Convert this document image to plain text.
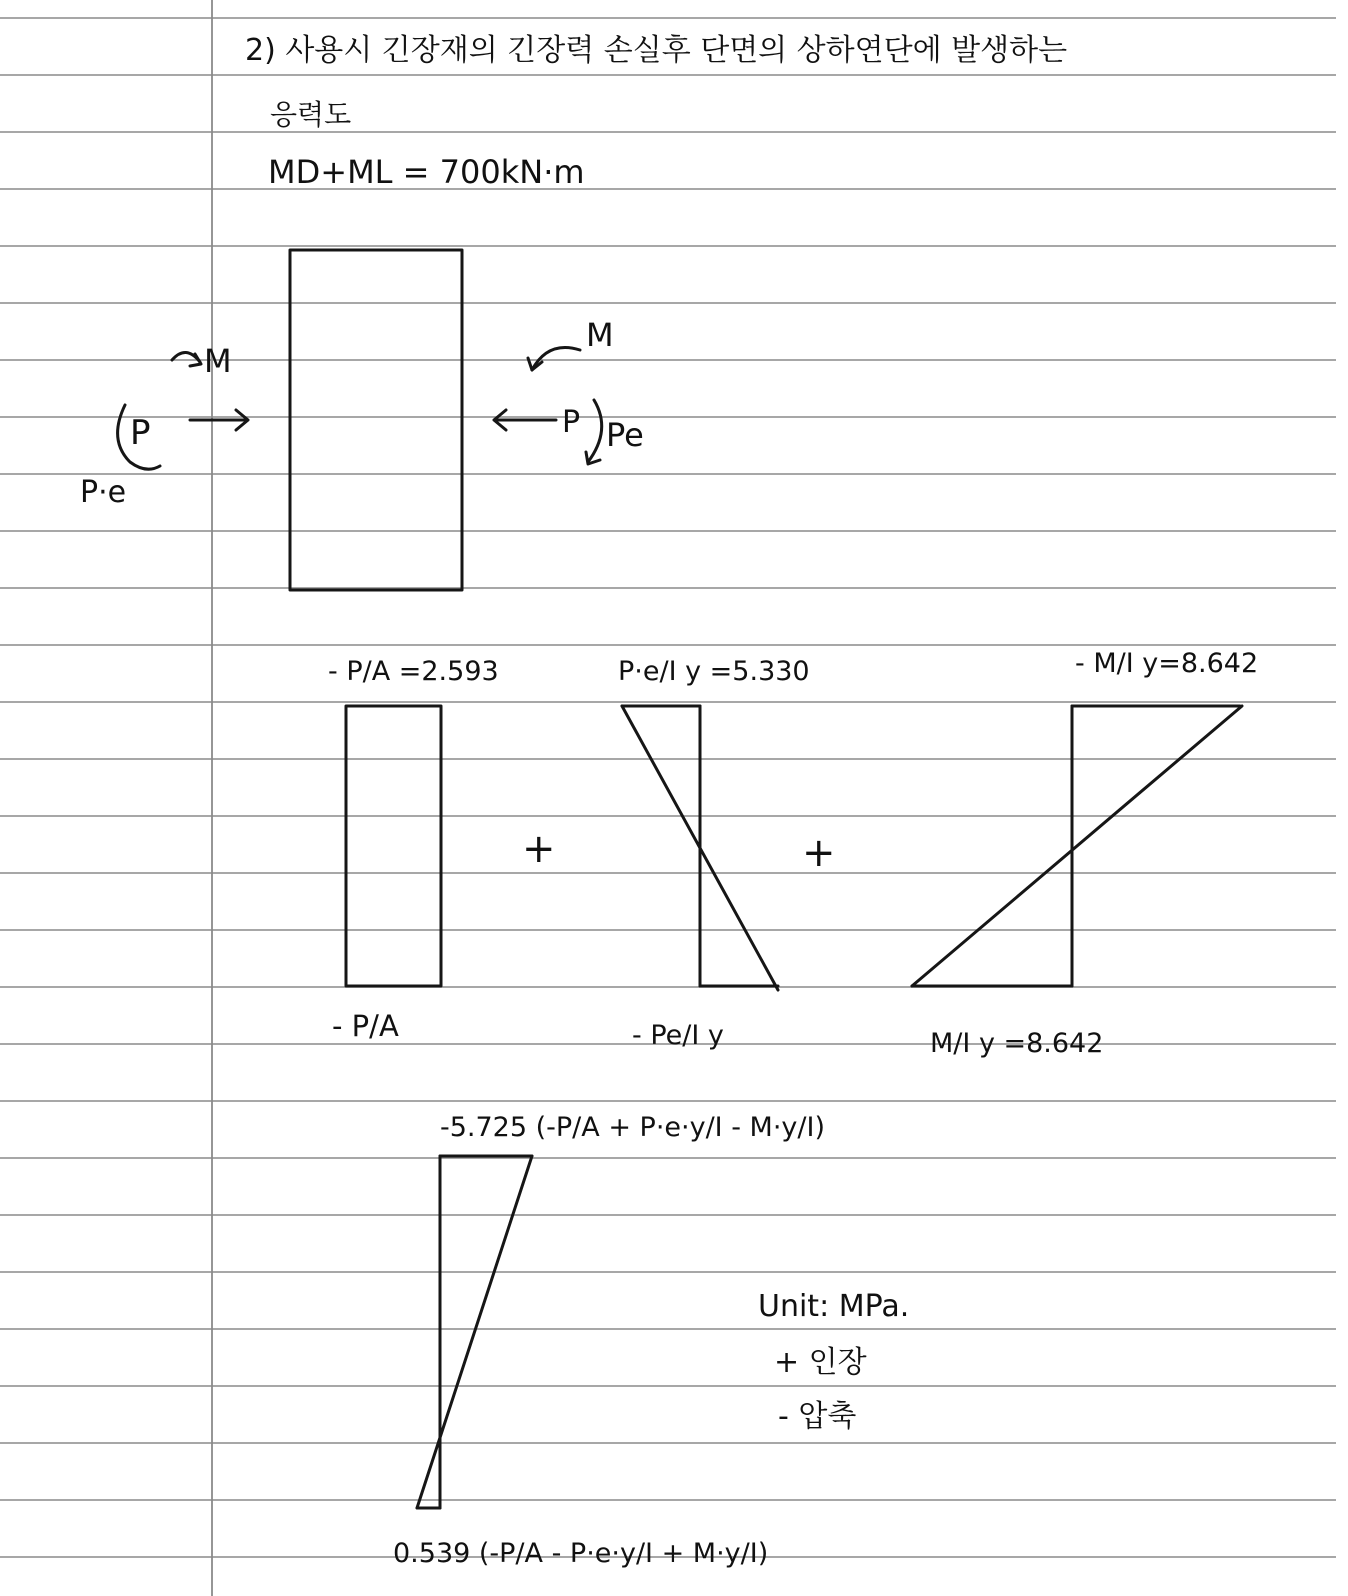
2) 사용시 긴장재의 긴장력 손실후 단면의 상하연단에 발생하는
응력도
MD+ML = 700kN·m
M
P
P·e
M
P Pe
- P/A =2.593	P·e/I y =5.330	- M/I y=8.642
+	+
- P/A	- Pe/I y	M/I y =8.642
-5.725 (-P/A + P·e·y/I - M·y/I)
0.539 (-P/A - P·e·y/I + M·y/I)
Unit: MPa.
+ 인장
- 압축
